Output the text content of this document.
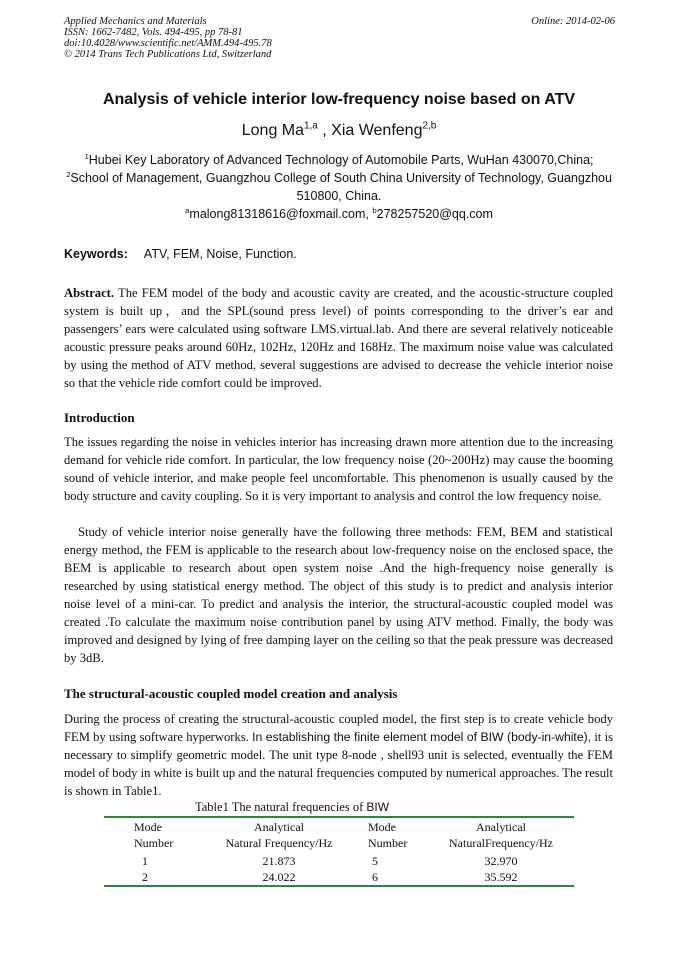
Applied Mechanics and Materials
ISSN: 1662-7482, Vols. 494-495, pp 78-81
doi:10.4028/www.scientific.net/AMM.494-495.78
© 2014 Trans Tech Publications Ltd, Switzerland
Online: 2014-02-06
Analysis of vehicle interior low-frequency noise based on ATV
Long Ma$^{1,a}$ , Xia Wenfeng$^{2,b}$
$^1$Hubei Key Laboratory of Advanced Technology of Automobile Parts, WuHan 430070,China;
$^2$School of Management, Guangzhou College of South China University of Technology, Guangzhou
510800, China.
$^a$malong81318616@foxmail.com, $^b$278257520@qq.com
Keywords: ATV, FEM, Noise, Function.
Abstract. The FEM model of the body and acoustic cavity are created, and the acoustic-structure coupled system is built up，and the SPL(sound press level) of points corresponding to the driver’s ear and passengers’ ears were calculated using software LMS.virtual.lab. And there are several relatively noticeable acoustic pressure peaks around 60Hz, 102Hz, 120Hz and 168Hz. The maximum noise value was calculated by using the method of ATV method, several suggestions are advised to decrease the vehicle interior noise so that the vehicle ride comfort could be improved.
Introduction
The issues regarding the noise in vehicles interior has increasing drawn more attention due to the increasing demand for vehicle ride comfort. In particular, the low frequency noise (20~200Hz) may cause the booming sound of vehicle interior, and make people feel uncomfortable. This phenomenon is usually caused by the body structure and cavity coupling. So it is very important to analysis and control the low frequency noise.
Study of vehicle interior noise generally have the following three methods: FEM, BEM and statistical energy method, the FEM is applicable to the research about low-frequency noise on the enclosed space, the BEM is applicable to research about open system noise .And the high-frequency noise generally is researched by using statistical energy method. The object of this study is to predict and analysis interior noise level of a mini-car. To predict and analysis the interior, the structural-acoustic coupled model was created .To calculate the maximum noise contribution panel by using ATV method. Finally, the body was improved and designed by lying of free damping layer on the ceiling so that the peak pressure was decreased by 3dB.
The structural-acoustic coupled model creation and analysis
During the process of creating the structural-acoustic coupled model, the first step is to create vehicle body FEM by using software hyperworks. In establishing the finite element model of BIW (body-in-white), it is necessary to simplify geometric model. The unit type 8-node , shell93 unit is selected, eventually the FEM model of body in white is built up and the natural frequencies computed by numerical approaches. The result is shown in Table1.
Table1 The natural frequencies of BIW
Mode	Analytical	Mode	Analytical
Number	Natural Frequency/Hz	Number	NaturalFrequency/Hz
1	21.873	5	32.970
2	24.022	6	35.592
